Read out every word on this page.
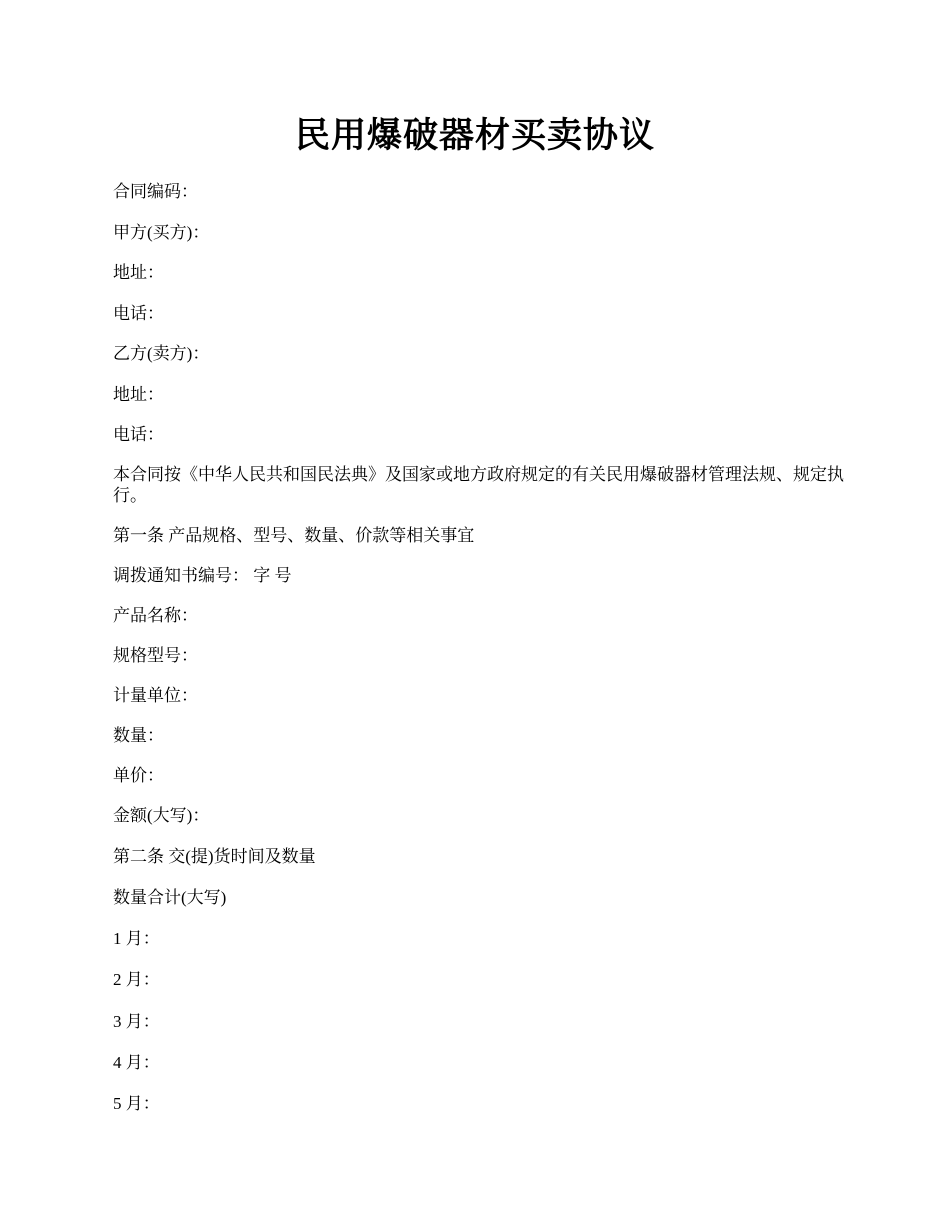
民用爆破器材买卖协议

合同编码：

甲方(买方)：

地址：

电话：

乙方(卖方)：

地址：

电话：

本合同按《中华人民共和国民法典》及国家或地方政府规定的有关民用爆破器材管理法规、规定执行。

第一条 产品规格、型号、数量、价款等相关事宜

调拨通知书编号： 字 号

产品名称：

规格型号：

计量单位：

数量：

单价：

金额(大写)：

第二条 交(提)货时间及数量

数量合计(大写)

1 月：

2 月：

3 月：

4 月：

5 月：
